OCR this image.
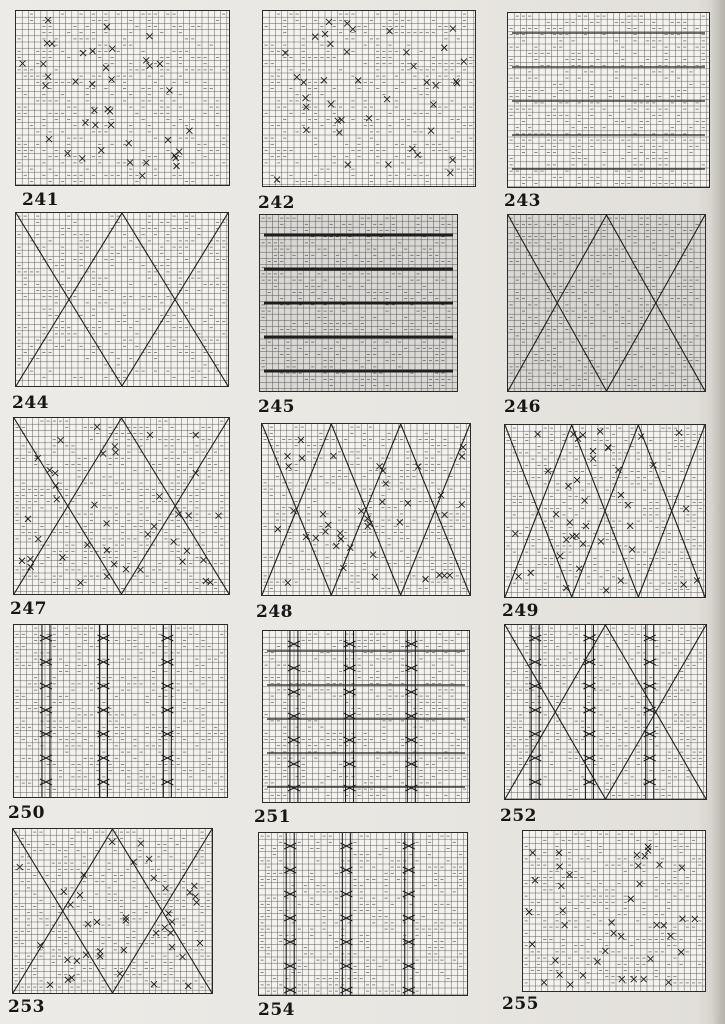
241	242	243
244	245	246
247	248	249
250	251	252
253	254	255
